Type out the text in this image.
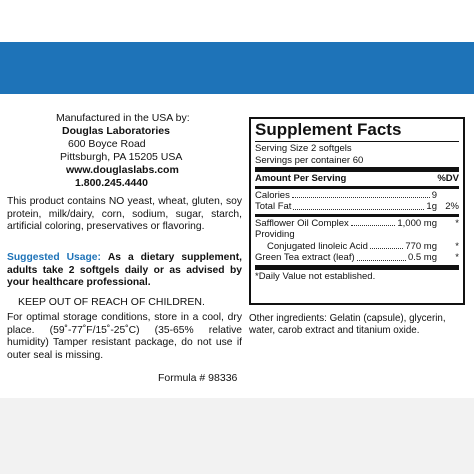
Manufactured in the USA by:
Douglas Laboratories
600 Boyce Road
Pittsburgh, PA 15205 USA
www.douglaslabs.com
1.800.245.4440
This product contains NO yeast, wheat, gluten, soy protein, milk/dairy, corn, sodium, sugar, starch, artificial coloring, preservatives or flavoring.
Suggested Usage: As a dietary supplement, adults take 2 softgels daily or as advised by your healthcare professional.
KEEP OUT OF REACH OF CHILDREN.
For optimal storage conditions, store in a cool, dry place. (59˚-77˚F/15˚-25˚C) (35-65% relative humidity) Tamper resistant package, do not use if outer seal is missing.
Formula # 98336
Supplement Facts
Serving Size 2 softgels
Servings per container 60
Amount Per Serving	%DV
Calories	9
Total Fat	1g 2%
Safflower Oil Complex	1,000 mg	*
Providing
Conjugated linoleic Acid	770 mg	*
Green Tea extract (leaf)	0.5 mg	*
*Daily Value not established.
Other ingredients: Gelatin (capsule), glycerin, water, carob extract and titanium oxide.
